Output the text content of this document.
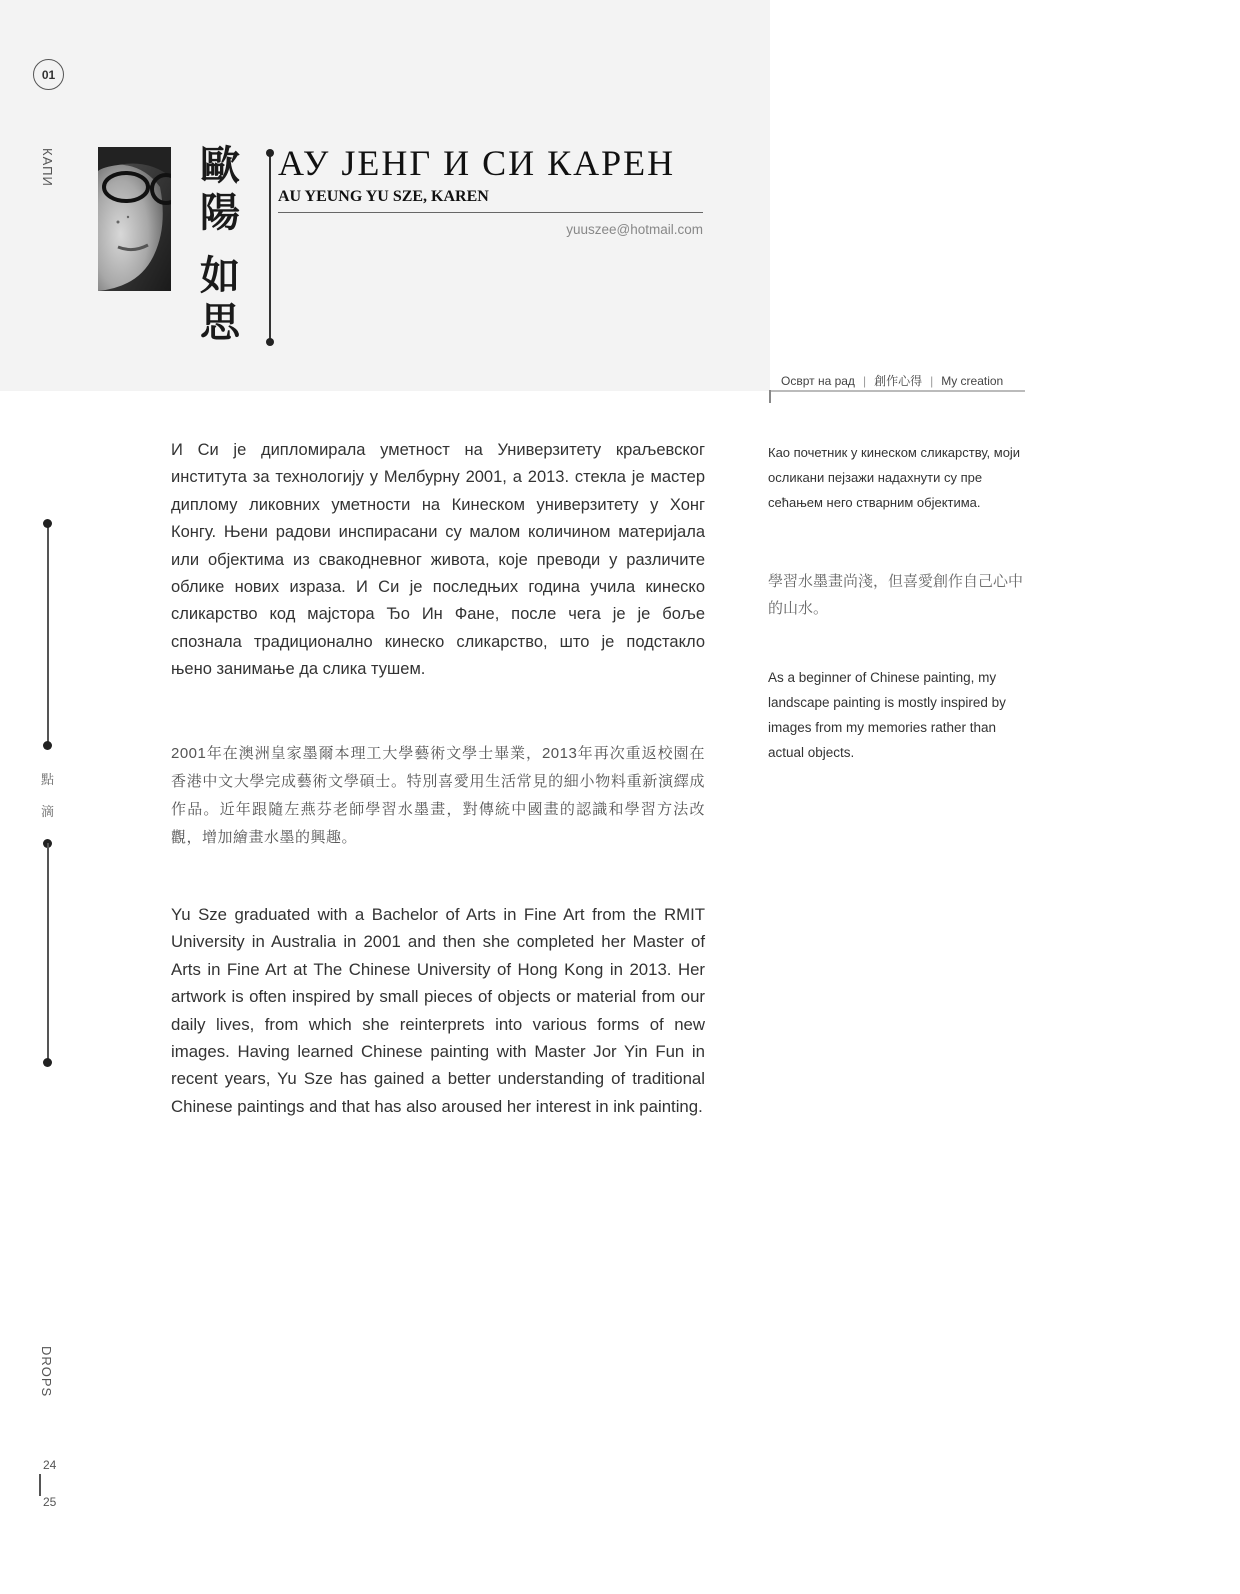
01
КАПИ	歐
陽
如
思
АУ ЈЕНГ И СИ КАРЕН
AU YEUNG YU SZE, KAREN
yuuszee@hotmail.com
Осврт на рад | 創作心得 | My creation
點
滴
И Си је дипломирала уметност на Универзитету краљевског института за технологију у Мелбурну 2001, а 2013. стекла је мастер диплому ликовних уметности на Кинеском универзитету у Хонг Конгу. Њени радови инспирасани су малом количином материјала или објектима из свакодневног живота, које преводи у различите облике нових израза. И Си је последњих година учила кинеско сликарство код мајстора Ђо Ин Фане, после чега је је боље спознала традиционално кинеско сликарство, што је подстакло њено занимање да слика тушем.
2001年在澳洲皇家墨爾本理工大學藝術文學士畢業，2013年再次重返校園在香港中文大學完成藝術文學碩士。特別喜愛用生活常見的細小物料重新演繹成作品。近年跟隨左燕芬老師學習水墨畫，對傳統中國畫的認識和學習方法改觀，增加繪畫水墨的興趣。
Yu Sze graduated with a Bachelor of Arts in Fine Art from the RMIT University in Australia in 2001 and then she completed her Master of Arts in Fine Art at The Chinese University of Hong Kong in 2013. Her artwork is often inspired by small pieces of objects or material from our daily lives, from which she reinterprets into various forms of new images. Having learned Chinese painting with Master Jor Yin Fun in recent years, Yu Sze has gained a better understanding of traditional Chinese paintings and that has also aroused her interest in ink painting.
Као почетник у кинеском сликарству, моји осликани пејзажи надахнути су пре сећањем него стварним објектима.
學習水墨畫尚淺，但喜愛創作自己心中的山水。
As a beginner of Chinese painting, my landscape painting is mostly inspired by images from my memories rather than actual objects.
DROPS
24
25
